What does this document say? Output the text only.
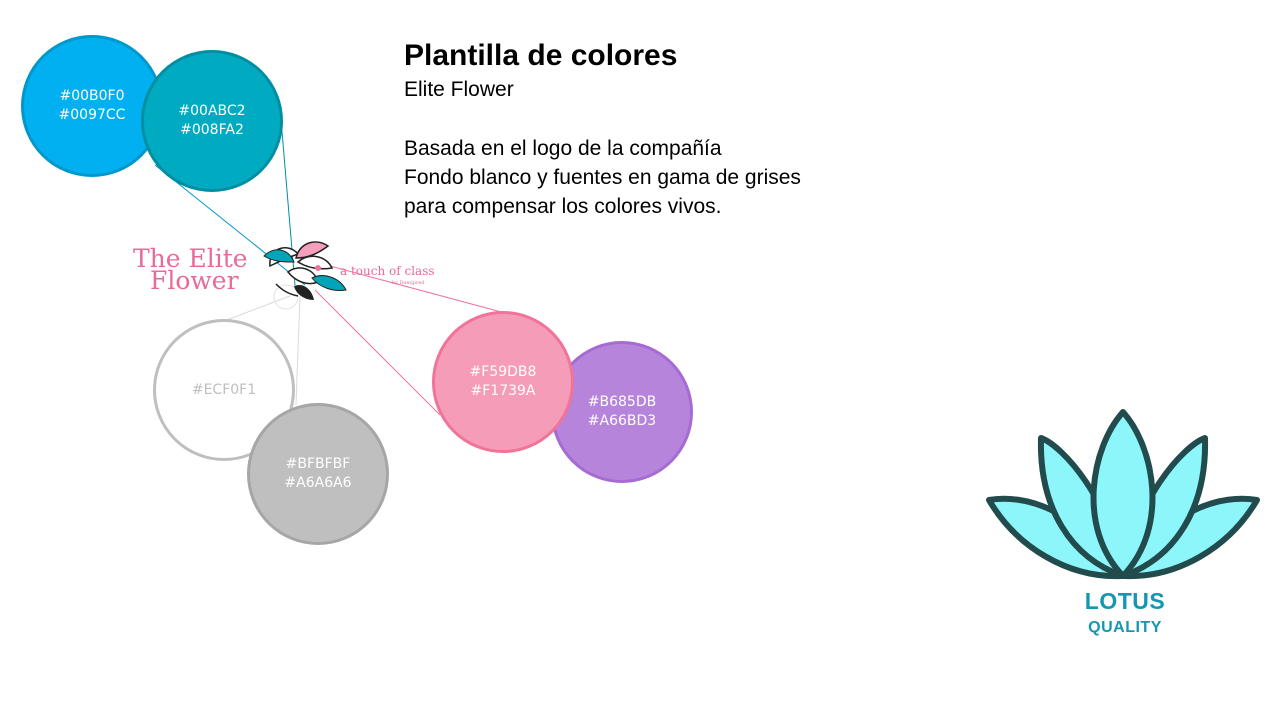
#00B0F0
#0097CC	#00ABC2
#008FA2
#ECF0F1
#BFBFBF
#A6A6A6
#B685DB
#A66BD3
#F59DB8
#F1739A
Plantilla de colores
Elite Flower
Basada en el logo de la compañía
Fondo blanco y fuentes en gama de grises
para compensar los colores vivos.
The Elite
Flower	a touch of class
by Ilumipred
LOTUS
QUALITY
